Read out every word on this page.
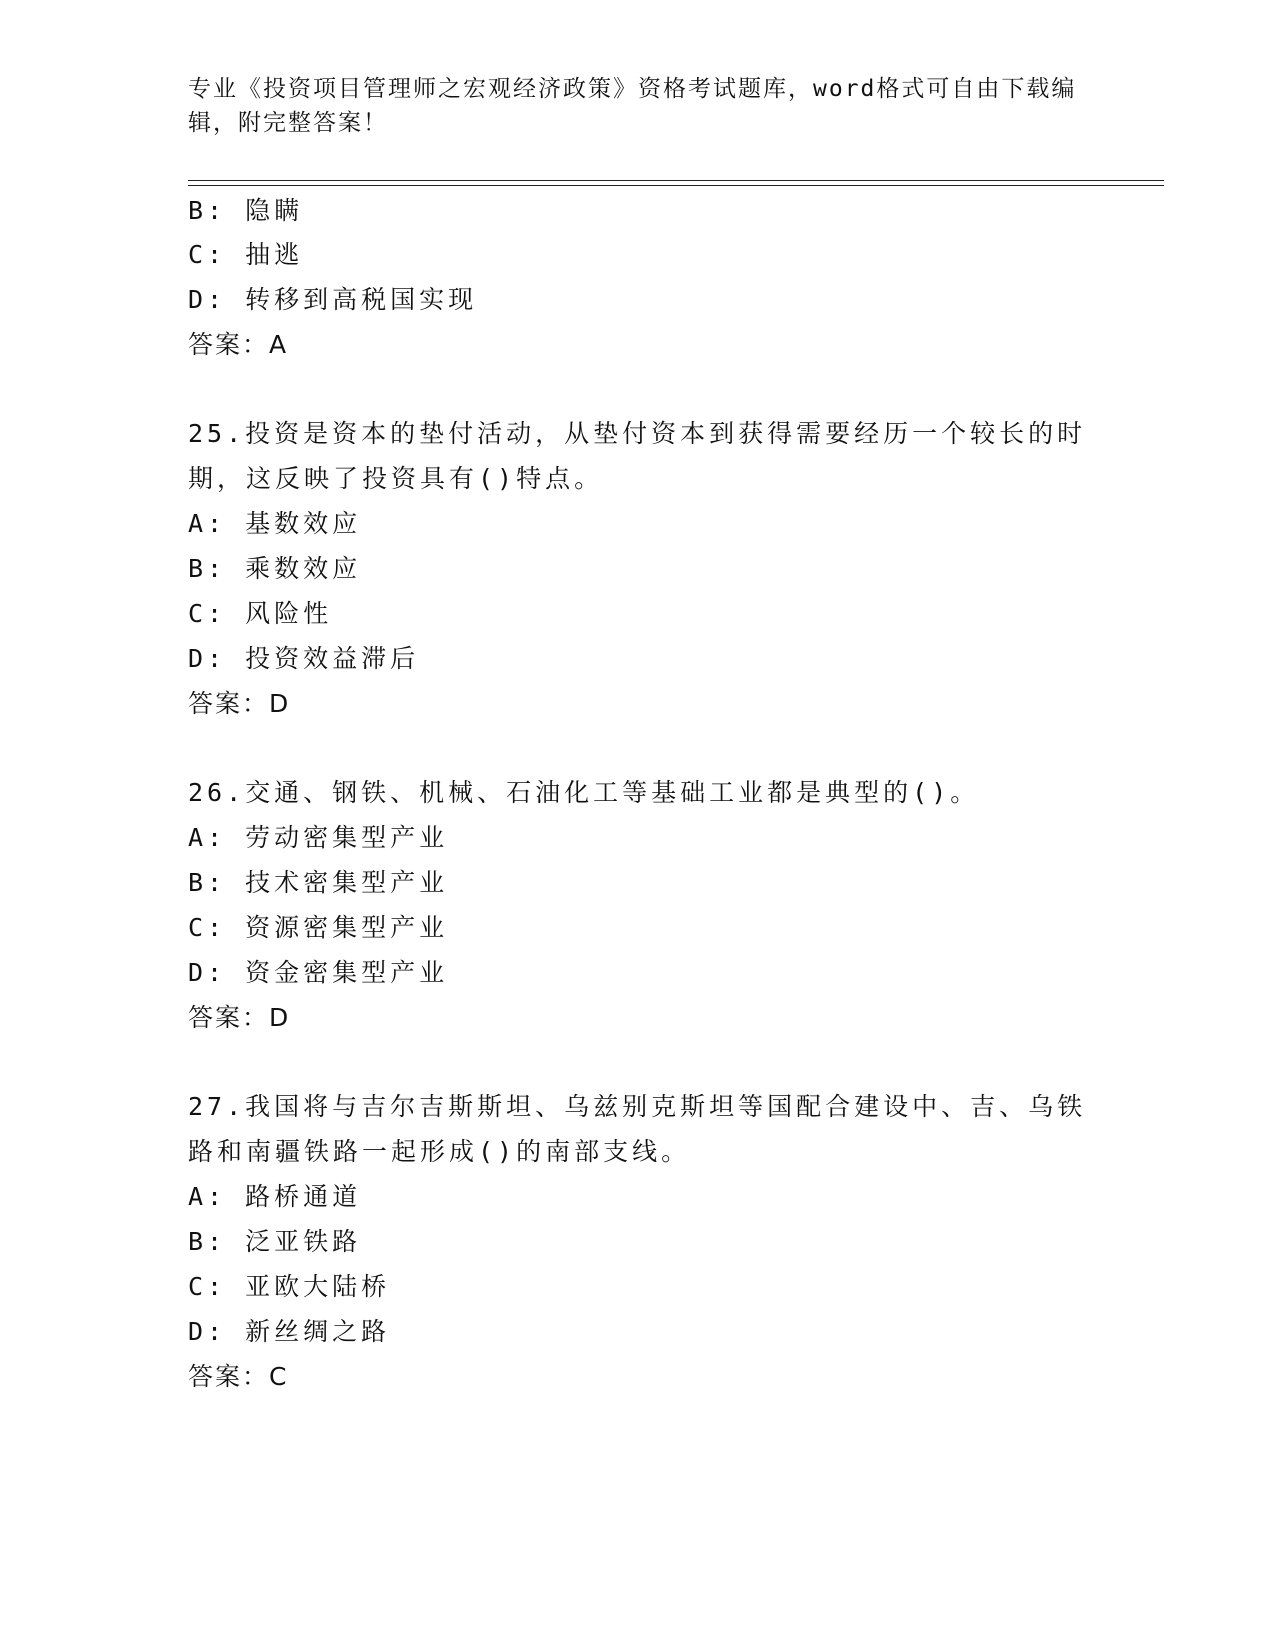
专业《投资项目管理师之宏观经济政策》资格考试题库，word格式可自由下载编
辑，附完整答案！
B: 隐瞒
C: 抽逃
D: 转移到高税国实现
答案：A
25.投资是资本的垫付活动，从垫付资本到获得需要经历一个较长的时
期，这反映了投资具有()特点。
A: 基数效应
B: 乘数效应
C: 风险性
D: 投资效益滞后
答案：D
26.交通、钢铁、机械、石油化工等基础工业都是典型的()。
A: 劳动密集型产业
B: 技术密集型产业
C: 资源密集型产业
D: 资金密集型产业
答案：D
27.我国将与吉尔吉斯斯坦、乌兹别克斯坦等国配合建设中、吉、乌铁
路和南疆铁路一起形成()的南部支线。
A: 路桥通道
B: 泛亚铁路
C: 亚欧大陆桥
D: 新丝绸之路
答案：C
